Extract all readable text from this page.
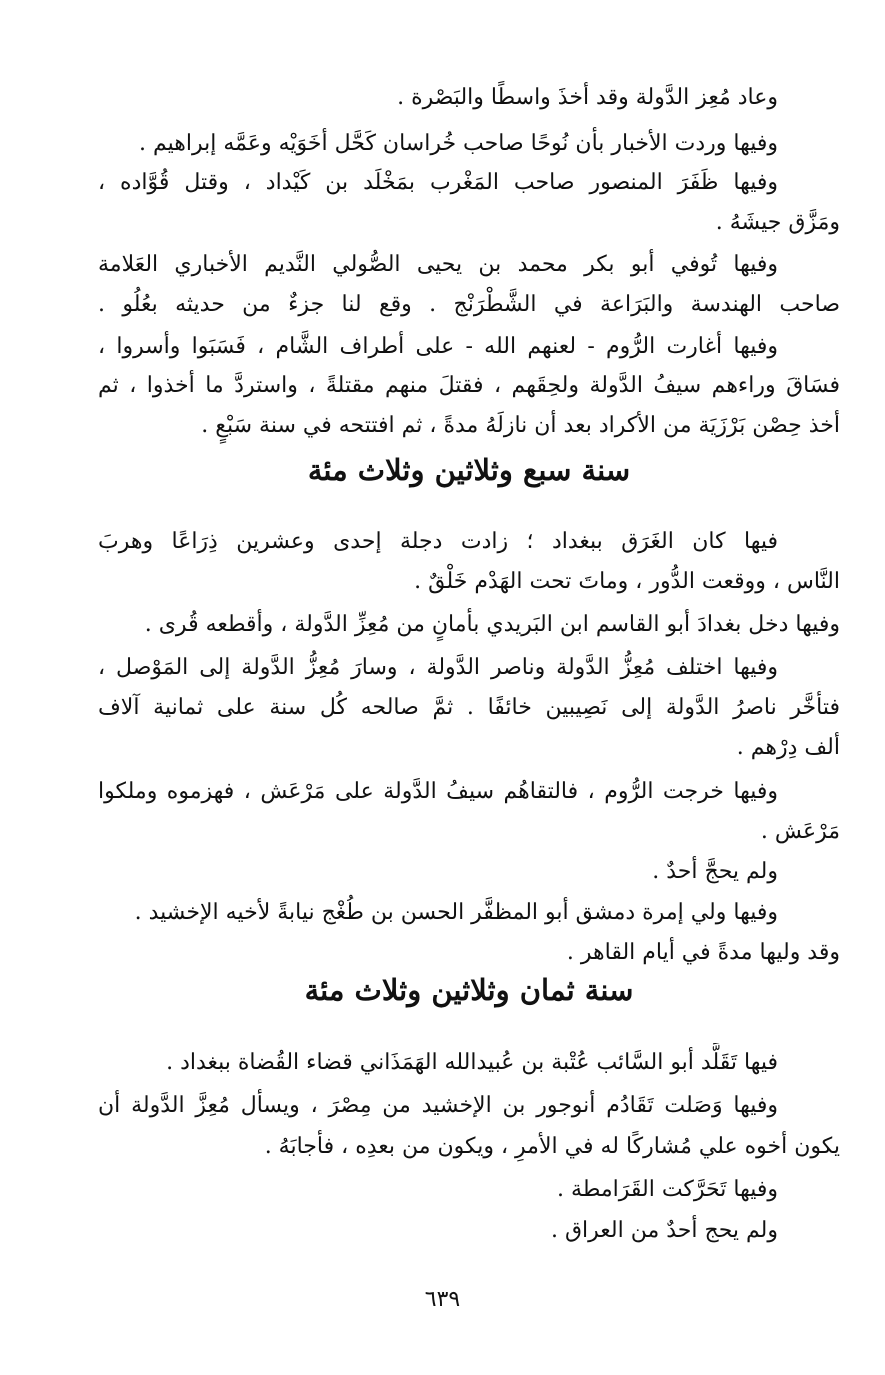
وعاد مُعِز الدَّولة وقد أخذَ واسطًا والبَصْرة .
وفيها وردت الأخبار بأن نُوحًا صاحب خُراسان كَحَّل أخَوَيْه وعَمَّه إبراهيم .
وفيها ظَفَرَ المنصور صاحب المَغْرب بمَخْلَد بن كَيْداد ، وقتل قُوَّاده ،
ومَزَّق جيشَهُ .
وفيها تُوفي أبو بكر محمد بن يحيى الصُّولي النَّديم الأخباري العَلامة
صاحب الهندسة والبَرَاعة في الشَّطْرَنْج . وقع لنا جزءٌ من حديثه بعُلُو .
وفيها أغارت الرُّوم - لعنهم الله - على أطراف الشَّام ، فَسَبَوا وأسروا ،
فسَاقَ وراءهم سيفُ الدَّولة ولحِقَهم ، فقتلَ منهم مقتلةً ، واستردَّ ما أخذوا ، ثم
أخذ حِصْن بَرْزَيَة من الأكراد بعد أن نازلَهُ مدةً ، ثم افتتحه في سنة سَبْعٍ .
سنة سبع وثلاثين وثلاث مئة
فيها كان الغَرَق ببغداد ؛ زادت دجلة إحدى وعشرين ذِرَاعًا وهربَ
النَّاس ، ووقعت الدُّور ، وماتَ تحت الهَدْم خَلْقٌ .
وفيها دخل بغدادَ أبو القاسم ابن البَريدي بأمانٍ من مُعِزِّ الدَّولة ، وأقطعه قُرى .
وفيها اختلف مُعِزُّ الدَّولة وناصر الدَّولة ، وسارَ مُعِزُّ الدَّولة إلى المَوْصل ،
فتأخَّر ناصرُ الدَّولة إلى نَصِيبين خائفًا . ثمَّ صالحه كُل سنة على ثمانية آلاف
ألف دِرْهم .
وفيها خرجت الرُّوم ، فالتقاهُم سيفُ الدَّولة على مَرْعَش ، فهزموه وملكوا
مَرْعَش .
ولم يحجَّ أحدٌ .
وفيها ولي إمرة دمشق أبو المظفَّر الحسن بن طُغْج نيابةً لأخيه الإخشيد .
وقد وليها مدةً في أيام القاهر .
سنة ثمان وثلاثين وثلاث مئة
فيها تَقَلَّد أبو السَّائب عُتْبة بن عُبيدالله الهَمَذَاني قضاء القُضاة ببغداد .
وفيها وَصَلت تَقَادُم أنوجور بن الإخشيد من مِصْرَ ، ويسأل مُعِزَّ الدَّولة أن
يكون أخوه علي مُشاركًا له في الأمرِ ، ويكون من بعدِه ، فأجابَهُ .
وفيها تَحَرَّكت القَرَامطة .
ولم يحج أحدٌ من العراق .
٦٣٩
